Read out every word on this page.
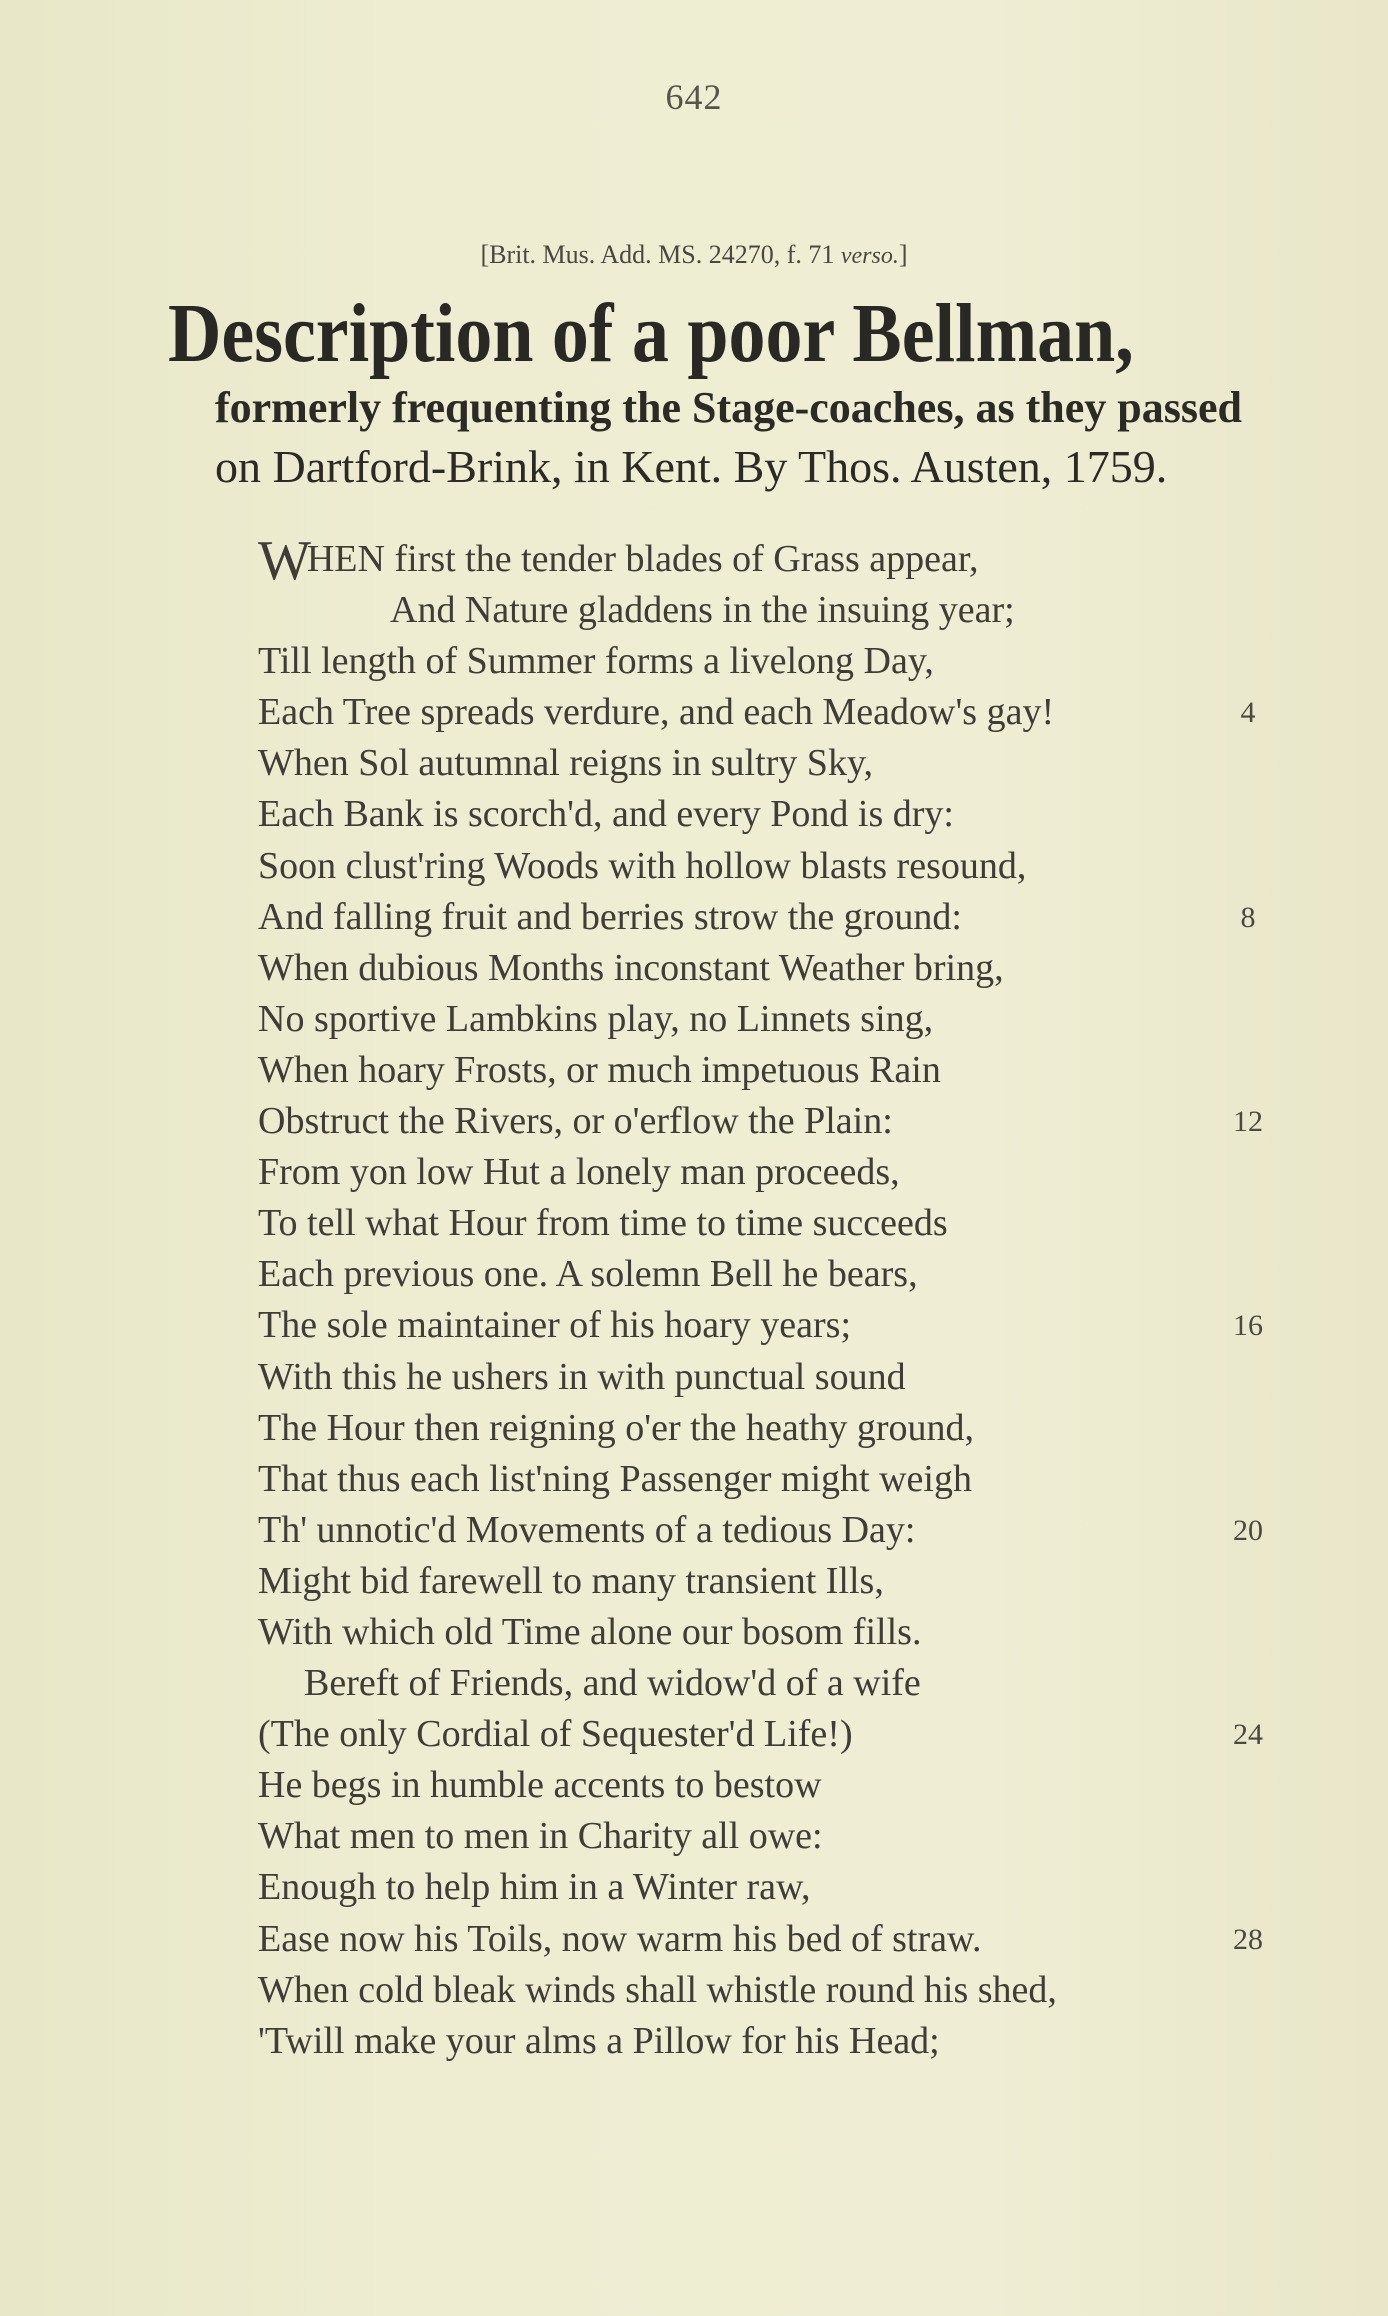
642
[Brit. Mus. Add. MS. 24270, f. 71 verso.]
Description of a poor Bellman,
formerly frequenting the Stage-coaches, as they passed
on Dartford-Brink, in Kent. By Thos. Austen, 1759.
WHEN first the tender blades of Grass appear,
And Nature gladdens in the insuing year;
Till length of Summer forms a livelong Day,
Each Tree spreads verdure, and each Meadow's gay!	4
When Sol autumnal reigns in sultry Sky,
Each Bank is scorch'd, and every Pond is dry:
Soon clust'ring Woods with hollow blasts resound,
And falling fruit and berries strow the ground:	8
When dubious Months inconstant Weather bring,
No sportive Lambkins play, no Linnets sing,
When hoary Frosts, or much impetuous Rain
Obstruct the Rivers, or o'erflow the Plain:	12
From yon low Hut a lonely man proceeds,
To tell what Hour from time to time succeeds
Each previous one. A solemn Bell he bears,
The sole maintainer of his hoary years;	16
With this he ushers in with punctual sound
The Hour then reigning o'er the heathy ground,
That thus each list'ning Passenger might weigh
Th' unnotic'd Movements of a tedious Day:	20
Might bid farewell to many transient Ills,
With which old Time alone our bosom fills.
Bereft of Friends, and widow'd of a wife
(The only Cordial of Sequester'd Life!)	24
He begs in humble accents to bestow
What men to men in Charity all owe:
Enough to help him in a Winter raw,
Ease now his Toils, now warm his bed of straw.	28
When cold bleak winds shall whistle round his shed,
'Twill make your alms a Pillow for his Head;
